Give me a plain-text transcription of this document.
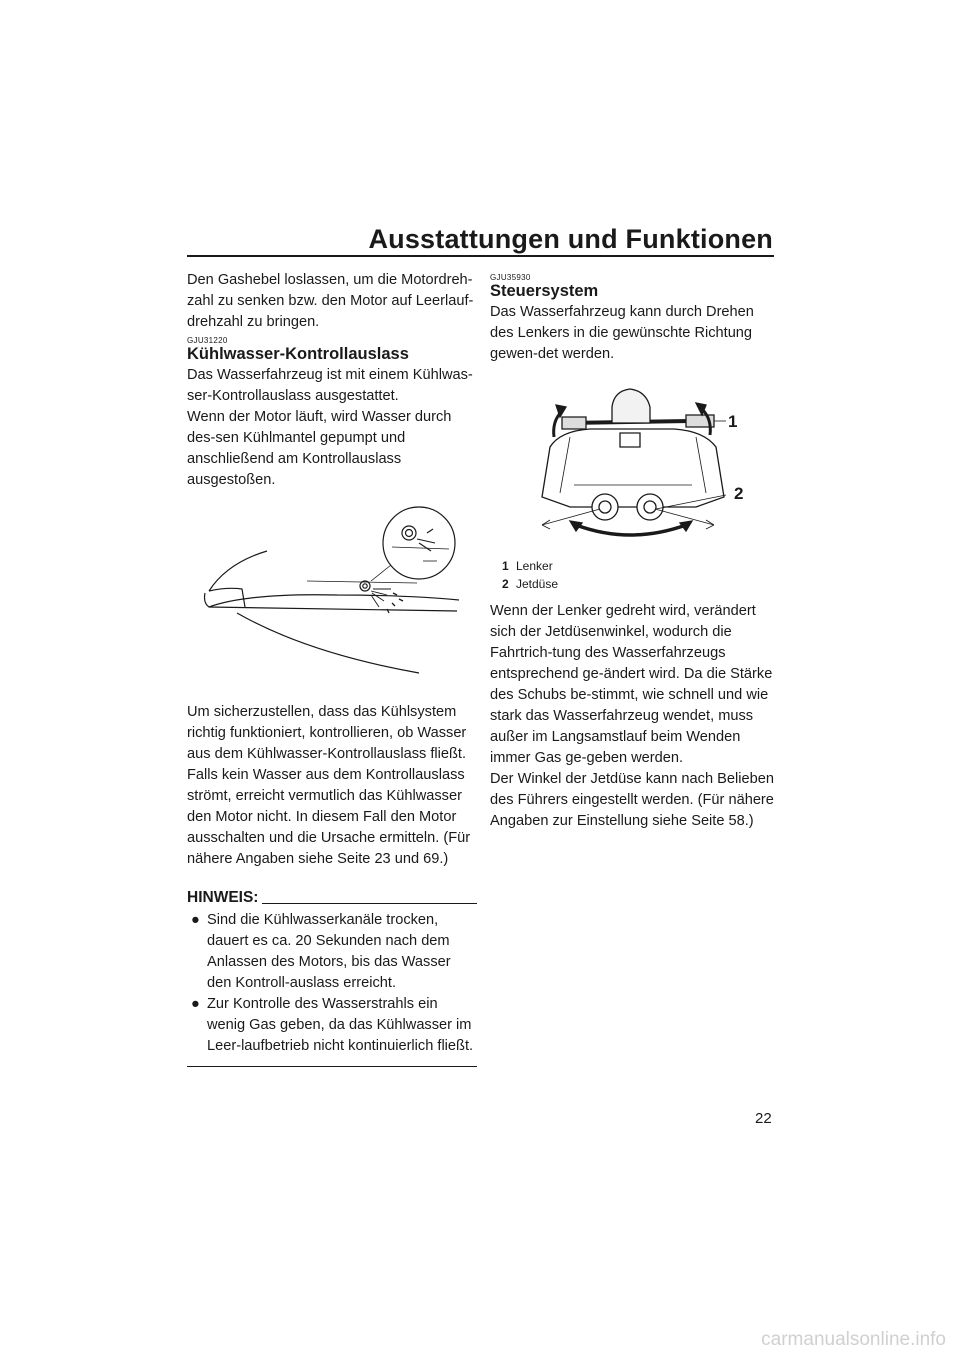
Ausstattungen und Funktionen

Den Gashebel loslassen, um die Motordreh-zahl zu senken bzw. den Motor auf Leerlauf-drehzahl zu bringen.

GJU31220
Kühlwasser-Kontrollauslass

Das Wasserfahrzeug ist mit einem Kühlwas-ser-Kontrollauslass ausgestattet.

Wenn der Motor läuft, wird Wasser durch des-sen Kühlmantel gepumpt und anschließend am Kontrollauslass ausgestoßen.

Um sicherzustellen, dass das Kühlsystem richtig funktioniert, kontrollieren, ob Wasser aus dem Kühlwasser-Kontrollauslass fließt. Falls kein Wasser aus dem Kontrollauslass strömt, erreicht vermutlich das Kühlwasser den Motor nicht. In diesem Fall den Motor ausschalten und die Ursache ermitteln. (Für nähere Angaben siehe Seite 23 und 69.)

HINWEIS:
● Sind die Kühlwasserkanäle trocken, dauert es ca. 20 Sekunden nach dem Anlassen des Motors, bis das Wasser den Kontroll-auslass erreicht.
● Zur Kontrolle des Wasserstrahls ein wenig Gas geben, da das Kühlwasser im Leer-laufbetrieb nicht kontinuierlich fließt.
GJU35930
Steuersystem

Das Wasserfahrzeug kann durch Drehen des Lenkers in die gewünschte Richtung gewen-det werden.

1
2
1 Lenker
2 Jetdüse

Wenn der Lenker gedreht wird, verändert sich der Jetdüsenwinkel, wodurch die Fahrtrich-tung des Wasserfahrzeugs entsprechend ge-ändert wird. Da die Stärke des Schubs be-stimmt, wie schnell und wie stark das Wasserfahrzeug wendet, muss außer im Langsamstlauf beim Wenden immer Gas ge-geben werden.

Der Winkel der Jetdüse kann nach Belieben des Führers eingestellt werden. (Für nähere Angaben zur Einstellung siehe Seite 58.)

22
carmanualsonline.info
